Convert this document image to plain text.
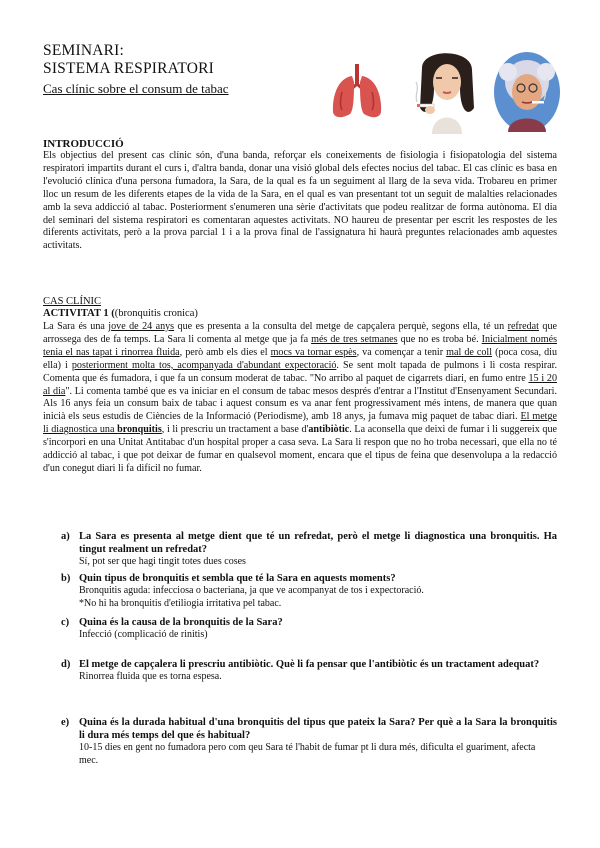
SEMINARI:
SISTEMA RESPIRATORI
Cas clínic sobre el consum de tabac
INTRODUCCIÓ
Els objectius del present cas clínic són, d'una banda, reforçar els coneixements de fisiologia i fisiopatologia del sistema respiratori impartits durant el curs i, d'altra banda, donar una visió global dels efectes nocius del tabac. El cas clínic es basa en l'evolució clínica d'una persona fumadora, la Sara, de la qual es fa un seguiment al llarg de la seva vida. Trobareu en primer lloc un resum de les diferents etapes de la vida de la Sara, en el qual es van presentant tot un seguit de malalties relacionades amb la seva addicció al tabac. Posteriorment s'enumeren una sèrie d'activitats que podeu realitzar de forma autònoma. El dia del seminari del sistema respiratori es comentaran aquestes activitats. NO haureu de presentar per escrit les respostes de les diferents activitats, però a la prova parcial 1 i a la prova final de l'assignatura hi haurà preguntes relacionades amb aquestes activitats.
CAS CLÍNIC
ACTIVITAT 1 ((bronquitis cronica)
La Sara és una jove de 24 anys que es presenta a la consulta del metge de capçalera perquè, segons ella, té un refredat que arrossega des de fa temps. La Sara li comenta al metge que ja fa més de tres setmanes que no es troba bé. Inicialment només tenia el nas tapat i rinorrea fluida, però amb els dies el mocs va tornar espès, va començar a tenir mal de coll (poca cosa, diu ella) i posteriorment molta tos, acompanyada d'abundant expectoració. Se sent molt tapada de pulmons i li costa respirar. Comenta que és fumadora, i que fa un consum moderat de tabac. "No arribo al paquet de cigarrets diari, en fumo entre 15 i 20 al dia". Li comenta també que es va iniciar en el consum de tabac mesos després d'entrar a l'Institut d'Ensenyament Secundari. Als 16 anys feia un consum baix de tabac i aquest consum es va anar fent progressivament més intens, de manera que quan inicià els seus estudis de Ciències de la Informació (Periodisme), amb 18 anys, ja fumava mig paquet de tabac diari. El metge li diagnostica una bronquitis, i li prescriu un tractament a base d'antibiòtic. La aconsella que deixi de fumar i li suggereix que s'incorpori en una Unitat Antitabac d'un hospital proper a casa seva. La Sara li respon que no ho troba necessari, que ella no té addicció al tabac, i que pot deixar de fumar en qualsevol moment, encara que el tipus de feina que desenvolupa a la redacció d'un conegut diari li fa difícil no fumar.
a) La Sara es presenta al metge dient que té un refredat, però el metge li diagnostica una bronquitis. Ha tingut realment un refredat?
Sí, pot ser que hagi tingit totes dues coses
b) Quin tipus de bronquitis et sembla que té la Sara en aquests moments?
Bronquitis aguda: infecciosa o bacteriana, ja que ve acompanyat de tos i expectoració.
*No hi ha bronquitis d'etiliogia irritativa pel tabac.
c) Quina és la causa de la bronquitis de la Sara?
Infecció (complicació de rinitis)
d) El metge de capçalera li prescriu antibiòtic. Què li fa pensar que l'antibiòtic és un tractament adequat?
Rinorrea fluida que es torna espesa.
e) Quina és la durada habitual d'una bronquitis del tipus que pateix la Sara? Per què a la Sara la bronquitis li dura més temps del que és habitual?
10-15 dies en gent no fumadora pero com qeu Sara té l'habit de fumar pt li dura més, dificulta el guariment, afecta mec.
